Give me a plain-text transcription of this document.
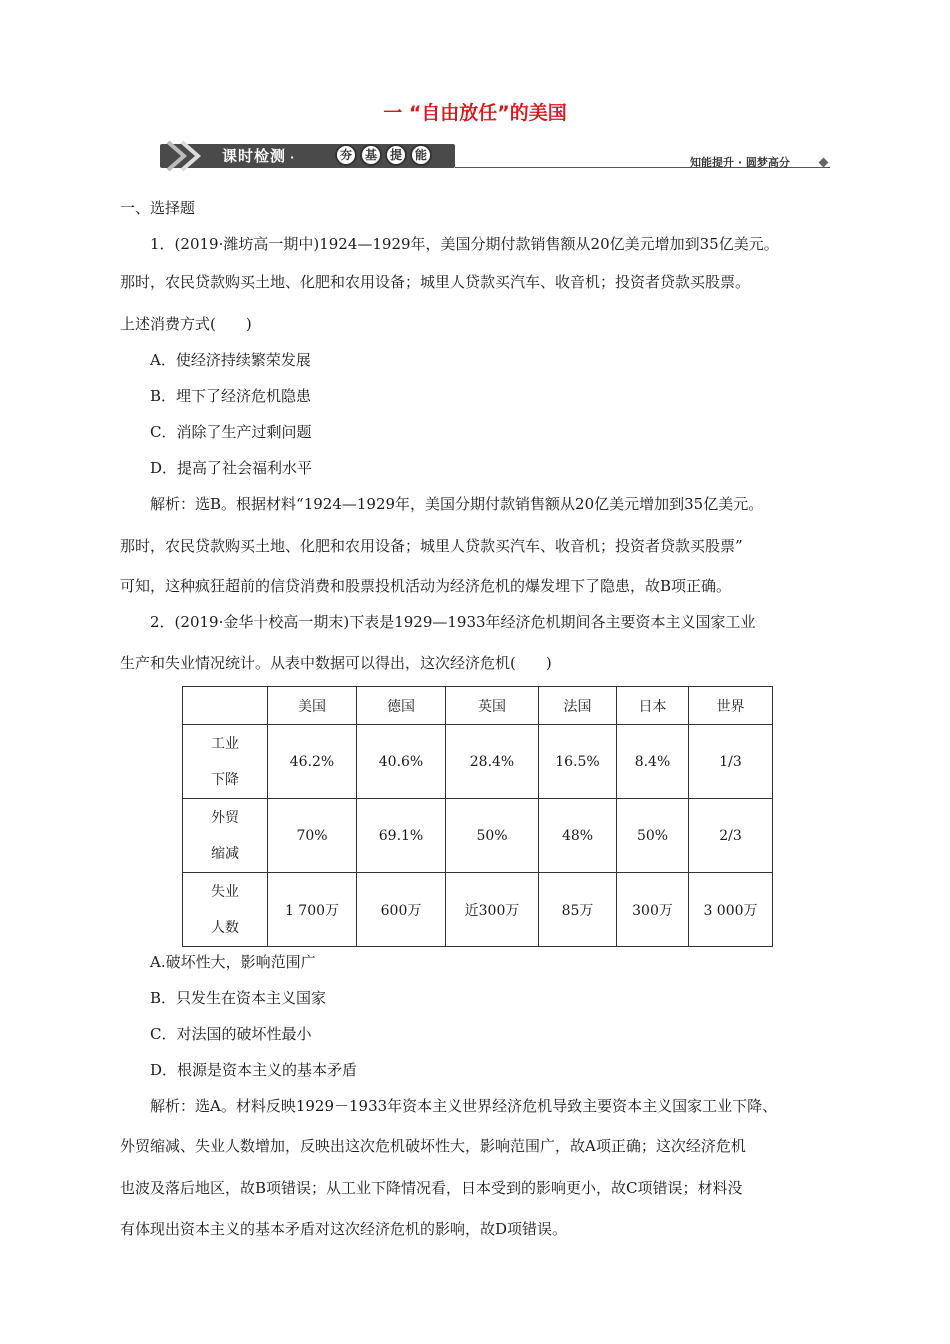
一 “自由放任”的美国
课时检测 ·	夯	基	提	能
知能提升 · 圆梦高分
一、选择题
1．(2019·潍坊高一期中)1924—1929年，美国分期付款销售额从20亿美元增加到35亿美元。
那时，农民贷款购买土地、化肥和农用设备；城里人贷款买汽车、收音机；投资者贷款买股票。
上述消费方式(　　)
A．使经济持续繁荣发展
B．埋下了经济危机隐患
C．消除了生产过剩问题
D．提高了社会福利水平
解析：选B。根据材料“1924—1929年，美国分期付款销售额从20亿美元增加到35亿美元。
那时，农民贷款购买土地、化肥和农用设备；城里人贷款买汽车、收音机；投资者贷款买股票”
可知，这种疯狂超前的信贷消费和股票投机活动为经济危机的爆发埋下了隐患，故B项正确。
2．(2019·金华十校高一期末)下表是1929—1933年经济危机期间各主要资本主义国家工业
生产和失业情况统计。从表中数据可以得出，这次经济危机(　　)
	美国	德国	英国	法国	日本	世界

工业
下降	46.2%	40.6%	28.4%	16.5%	8.4%	1/3

外贸
缩减	70%	69.1%	50%	48%	50%	2/3

失业
人数	1 700万	600万	近300万	85万	300万	3 000万
A.破坏性大，影响范围广
B．只发生在资本主义国家
C．对法国的破坏性最小
D．根源是资本主义的基本矛盾
解析：选A。材料反映1929－1933年资本主义世界经济危机导致主要资本主义国家工业下降、
外贸缩减、失业人数增加，反映出这次危机破坏性大，影响范围广，故A项正确；这次经济危机
也波及落后地区，故B项错误；从工业下降情况看，日本受到的影响更小，故C项错误；材料没
有体现出资本主义的基本矛盾对这次经济危机的影响，故D项错误。
